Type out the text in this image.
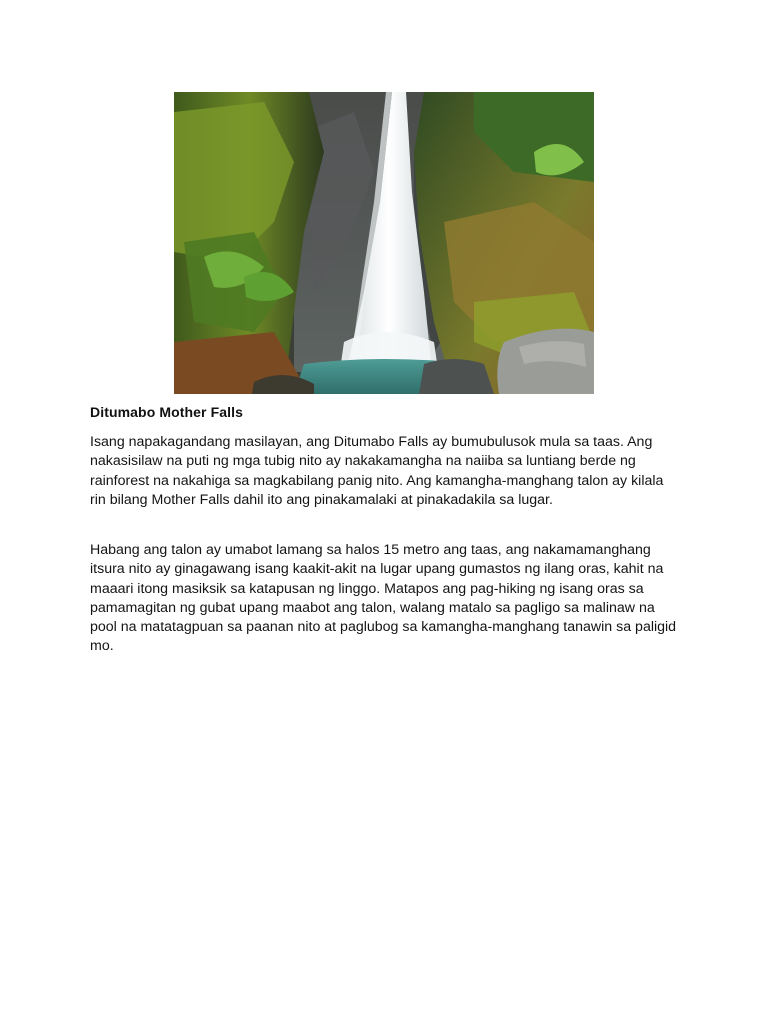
Ditumabo Mother Falls

Isang napakagandang masilayan, ang Ditumabo Falls ay bumubulusok mula sa taas. Ang nakasisilaw na puti ng mga tubig nito ay nakakamangha na naiiba sa luntiang berde ng rainforest na nakahiga sa magkabilang panig nito. Ang kamangha-manghang talon ay kilala rin bilang Mother Falls dahil ito ang pinakamalaki at pinakadakila sa lugar.

Habang ang talon ay umabot lamang sa halos 15 metro ang taas, ang nakamamanghang itsura nito ay ginagawang isang kaakit-akit na lugar upang gumastos ng ilang oras, kahit na maaari itong masiksik sa katapusan ng linggo. Matapos ang pag-hiking ng isang oras sa pamamagitan ng gubat upang maabot ang talon, walang matalo sa pagligo sa malinaw na pool na matatagpuan sa paanan nito at paglubog sa kamangha-manghang tanawin sa paligid mo.
